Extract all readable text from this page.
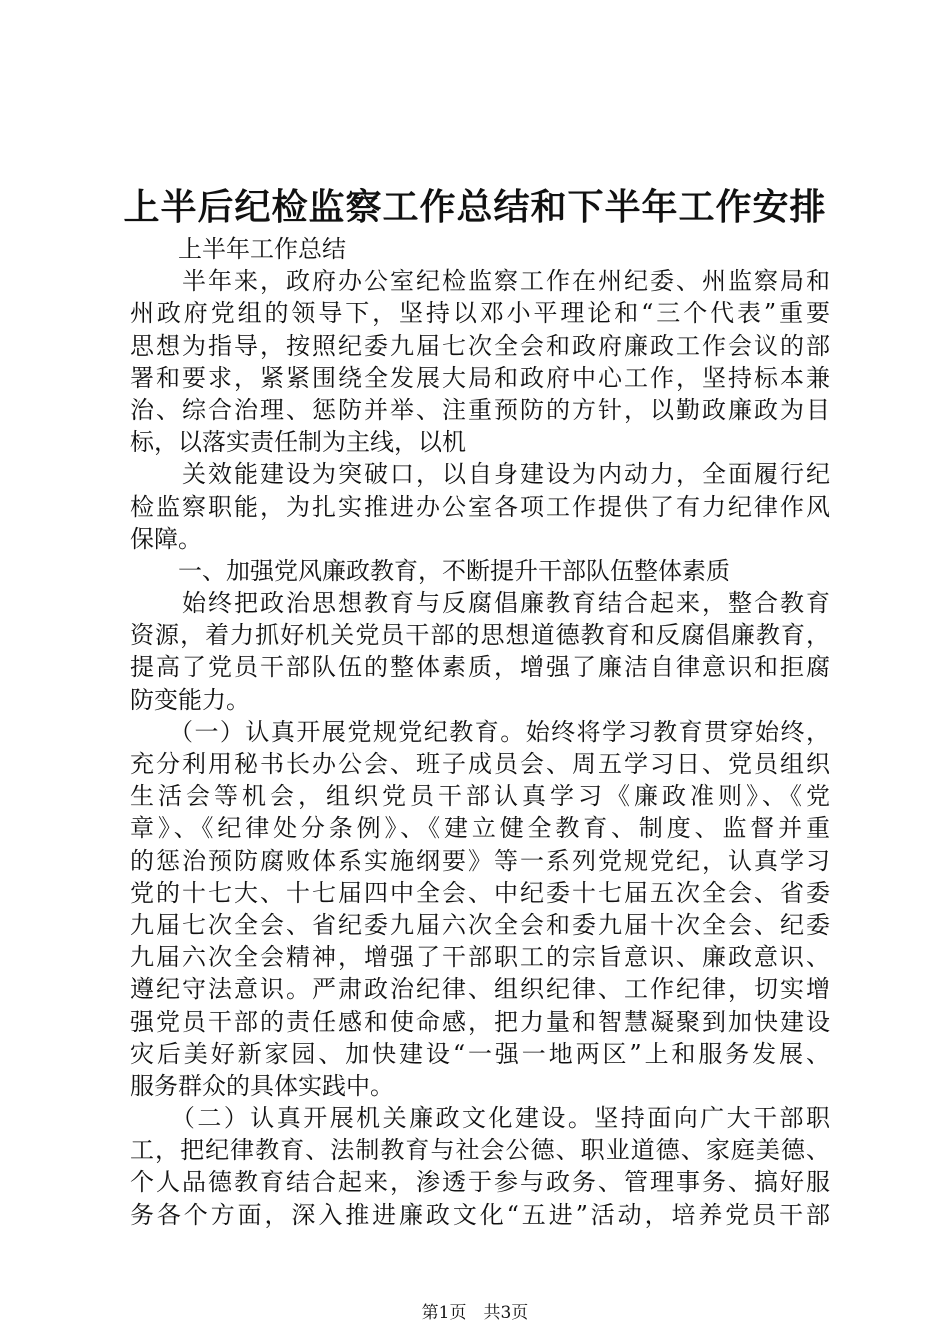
上半后纪检监察工作总结和下半年工作安排
　　上半年工作总结
　　半年来，政府办公室纪检监察工作在州纪委、州监察局和
州政府党组的领导下，坚持以邓小平理论和“三个代表”重要
思想为指导，按照纪委九届七次全会和政府廉政工作会议的部
署和要求，紧紧围绕全发展大局和政府中心工作，坚持标本兼
治、综合治理、惩防并举、注重预防的方针，以勤政廉政为目
标，以落实责任制为主线，以机
　　关效能建设为突破口，以自身建设为内动力，全面履行纪
检监察职能，为扎实推进办公室各项工作提供了有力纪律作风
保障。
　　一、加强党风廉政教育，不断提升干部队伍整体素质
　　始终把政治思想教育与反腐倡廉教育结合起来，整合教育
资源，着力抓好机关党员干部的思想道德教育和反腐倡廉教育，
提高了党员干部队伍的整体素质，增强了廉洁自律意识和拒腐
防变能力。
　　（一）认真开展党规党纪教育。始终将学习教育贯穿始终，
充分利用秘书长办公会、班子成员会、周五学习日、党员组织
生活会等机会，组织党员干部认真学习《廉政准则》、《党
章》、《纪律处分条例》、《建立健全教育、制度、监督并重
的惩治预防腐败体系实施纲要》等一系列党规党纪，认真学习
党的十七大、十七届四中全会、中纪委十七届五次全会、省委
九届七次全会、省纪委九届六次全会和委九届十次全会、纪委
九届六次全会精神，增强了干部职工的宗旨意识、廉政意识、
遵纪守法意识。严肃政治纪律、组织纪律、工作纪律，切实增
强党员干部的责任感和使命感，把力量和智慧凝聚到加快建设
灾后美好新家园、加快建设“一强一地两区”上和服务发展、
服务群众的具体实践中。
　　（二）认真开展机关廉政文化建设。坚持面向广大干部职
工，把纪律教育、法制教育与社会公德、职业道德、家庭美德、
个人品德教育结合起来，渗透于参与政务、管理事务、搞好服
务各个方面，深入推进廉政文化“五进”活动，培养党员干部
第1页　共3页
